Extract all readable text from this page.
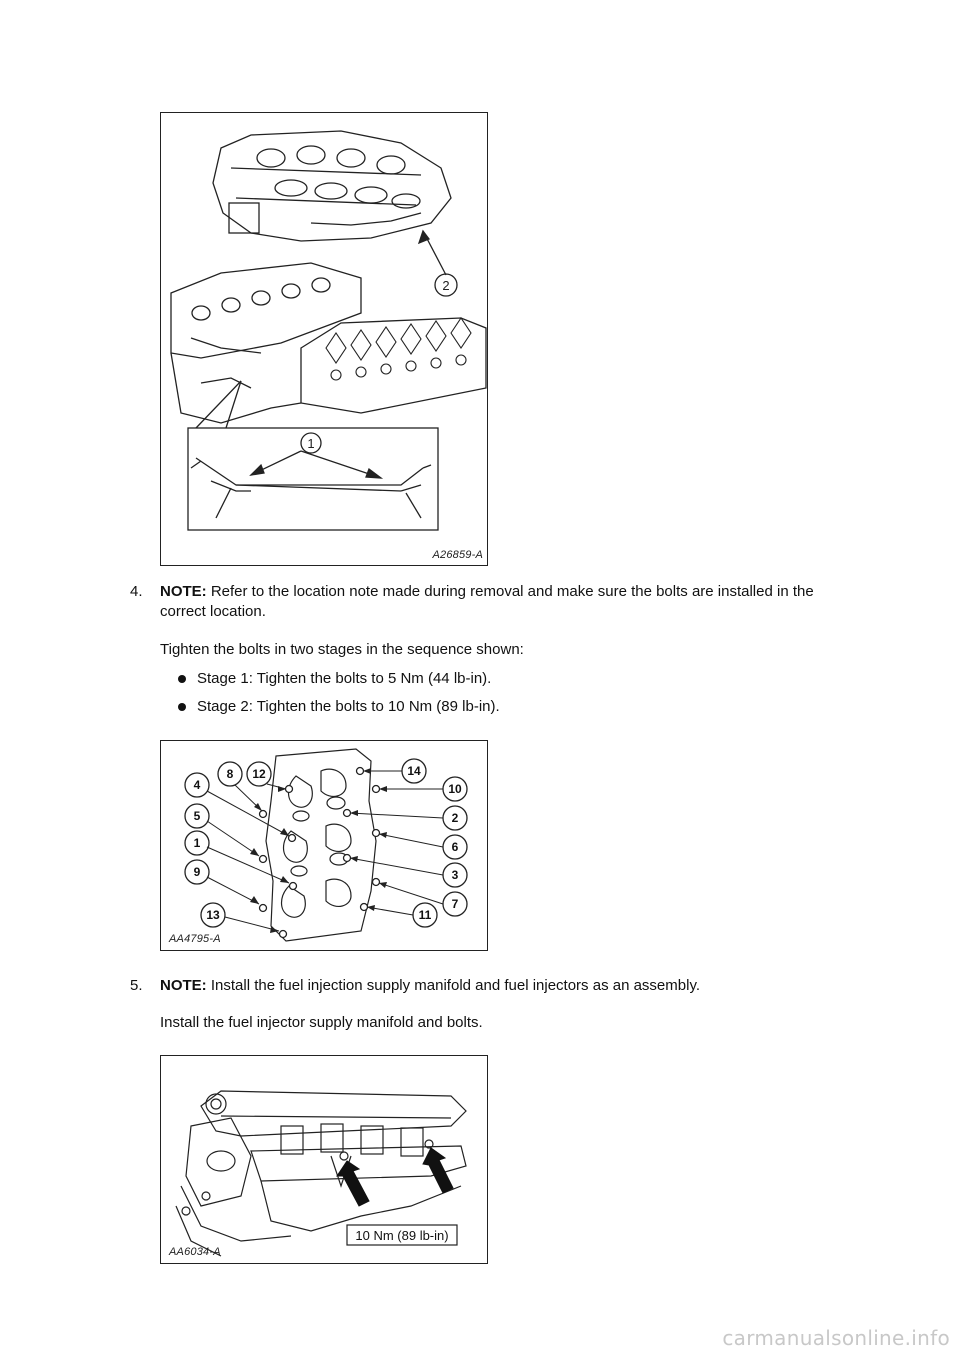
2
1
A26859-A
4. NOTE: Refer to the location note made during removal and make sure the bolts are installed in the correct location.
Tighten the bolts in two stages in the sequence shown:
Stage 1: Tighten the bolts to 5 Nm (44 lb-in).
Stage 2: Tighten the bolts to 10 Nm (89 lb-in).
4
8 12
5
1
9
13
14
10
2
6
3
7
11
AA4795-A
5. NOTE: Install the fuel injection supply manifold and fuel injectors as an assembly.
Install the fuel injector supply manifold and bolts.
10 Nm (89 lb-in)
AA6034-A
carmanualsonline.info
